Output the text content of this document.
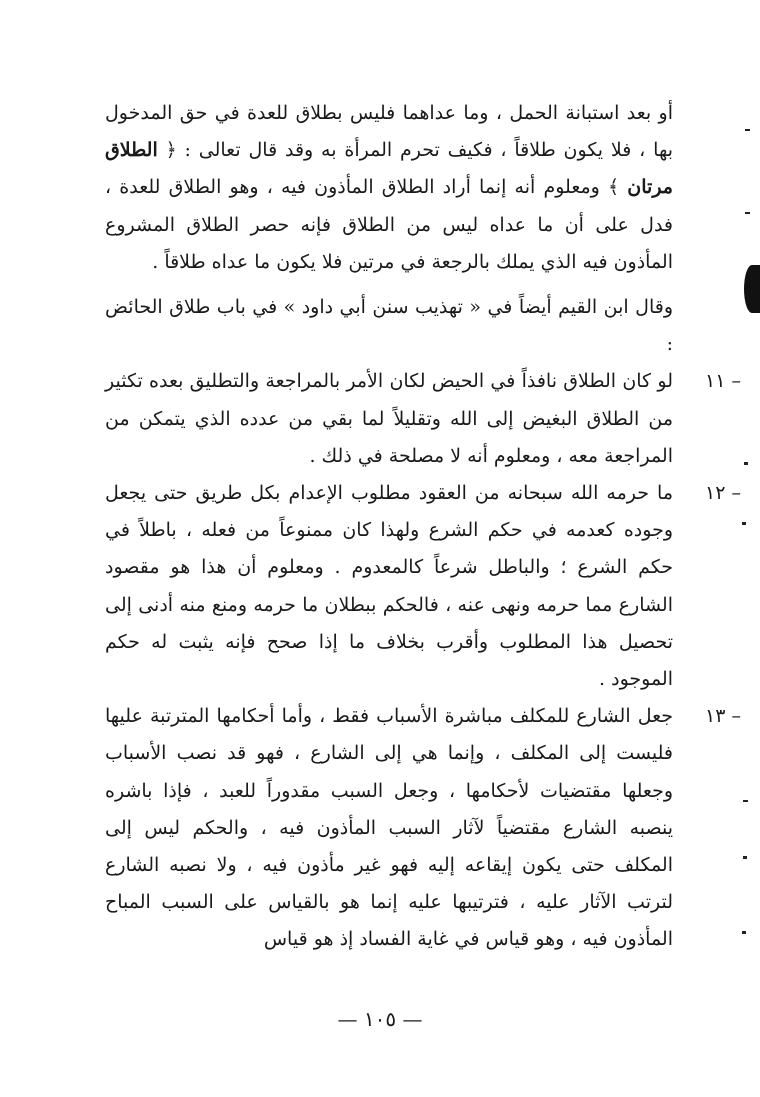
أو بعد استبانة الحمل ، وما عداهما فليس بطلاق للعدة في حق المدخول بها ، فلا يكون طلاقاً ، فكيف تحرم المرأة به وقد قال تعالى : ﴿ الطلاق مرتان ﴾ ومعلوم أنه إنما أراد الطلاق المأذون فيه ، وهو الطلاق للعدة ، فدل على أن ما عداه ليس من الطلاق فإنه حصر الطلاق المشروع المأذون فيه الذي يملك بالرجعة في مرتين فلا يكون ما عداه طلاقاً .

وقال ابن القيم أيضاً في « تهذيب سنن أبي داود » في باب طلاق الحائض :

١١ –
لو كان الطلاق نافذاً في الحيض لكان الأمر بالمراجعة والتطليق بعده تكثير من الطلاق البغيض إلى الله وتقليلاً لما بقي من عدده الذي يتمكن من المراجعة معه ، ومعلوم أنه لا مصلحة في ذلك .
١٢ –
ما حرمه الله سبحانه من العقود مطلوب الإعدام بكل طريق حتى يجعل وجوده كعدمه في حكم الشرع ولهذا كان ممنوعاً من فعله ، باطلاً في حكم الشرع ؛ والباطل شرعاً كالمعدوم . ومعلوم أن هذا هو مقصود الشارع مما حرمه ونهى عنه ، فالحكم ببطلان ما حرمه ومنع منه أدنى إلى تحصيل هذا المطلوب وأقرب بخلاف ما إذا صحح فإنه يثبت له حكم الموجود .
١٣ –
جعل الشارع للمكلف مباشرة الأسباب فقط ، وأما أحكامها المترتبة عليها فليست إلى المكلف ، وإنما هي إلى الشارع ، فهو قد نصب الأسباب وجعلها مقتضيات لأحكامها ، وجعل السبب مقدوراً للعبد ، فإذا باشره ينصبه الشارع مقتضياً لآثار السبب المأذون فيه ، والحكم ليس إلى المكلف حتى يكون إيقاعه إليه فهو غير مأذون فيه ، ولا نصبه الشارع لترتب الآثار عليه ، فترتيبها عليه إنما هو بالقياس على السبب المباح المأذون فيه ، وهو قياس في غاية الفساد إذ هو قياس
— ١٠٥ —
